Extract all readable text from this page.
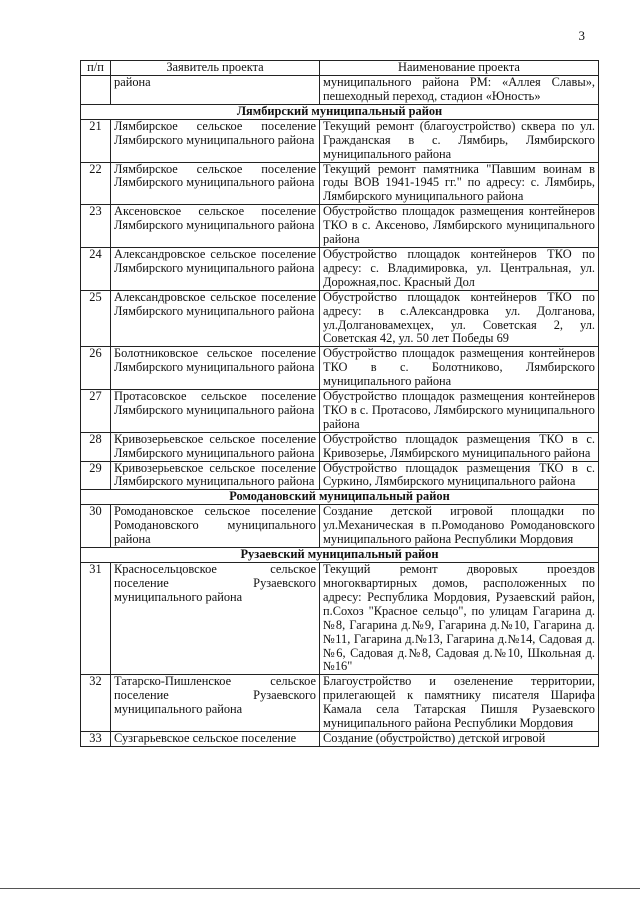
3
п/п	Заявитель проекта	Наименование проекта
	района	муниципального района РМ: «Аллея Славы», пешеходный переход, стадион «Юность»
Лямбирский муниципальный район		
21	Лямбирское сельское поселение Лямбирского муниципального района	Текущий ремонт (благоустройство) сквера по ул. Гражданская в с. Лямбирь, Лямбирского муниципального района
22	Лямбирское сельское поселение Лямбирского муниципального района	Текущий ремонт памятника "Павшим воинам в годы ВОВ 1941-1945 гг." по адресу: с. Лямбирь, Лямбирского муниципального района
23	Аксеновское сельское поселение Лямбирского муниципального района	Обустройство площадок размещения контейнеров ТКО в с. Аксеново, Лямбирского муниципального района
24	Александровское сельское поселение Лямбирского муниципального района	Обустройство площадок контейнеров ТКО по адресу: с. Владимировка, ул. Центральная, ул. Дорожная,пос. Красный Дол
25	Александровское сельское поселение Лямбирского муниципального района	Обустройство площадок контейнеров ТКО по адресу: в с.Александровка ул. Долганова, ул.Долгановамехцех, ул. Советская 2, ул. Советская 42, ул. 50 лет Победы 69
26	Болотниковское сельское поселение Лямбирского муниципального района	Обустройство площадок размещения контейнеров ТКО в с. Болотниково, Лямбирского муниципального района
27	Протасовское сельское поселение Лямбирского муниципального района	Обустройство площадок размещения контейнеров ТКО в с. Протасово, Лямбирского муниципального района
28	Кривозерьевское сельское поселение Лямбирского муниципального района	Обустройство площадок размещения ТКО в с. Кривозерье, Лямбирского муниципального района
29	Кривозерьевское сельское поселение Лямбирского муниципального района	Обустройство площадок размещения ТКО в с. Суркино, Лямбирского муниципального района
Ромодановский муниципальный район		
30	Ромодановское сельское поселение Ромодановского муниципального района	Создание детской игровой площадки по ул.Механическая в п.Ромоданово Ромодановского муниципального района Республики Мордовия
Рузаевский муниципальный район		
31	Красносельцовское сельское поселение Рузаевского муниципального района	Текущий ремонт дворовых проездов многоквартирных домов, расположенных по адресу: Республика Мордовия, Рузаевский район, п.Сохоз "Красное сельцо", по улицам Гагарина д.№8, Гагарина д.№9, Гагарина д.№10, Гагарина д.№11, Гагарина д.№13, Гагарина д.№14, Садовая д.№6, Садовая д.№8, Садовая д.№10, Школьная д.№16"
32	Татарско-Пишленское сельское поселение Рузаевского муниципального района	Благоустройство и озеленение территории, прилегающей к памятнику писателя Шарифа Камала села Татарская Пишля Рузаевского муниципального района Республики Мордовия
33	Сузгарьевское сельское поселение	Создание (обустройство) детской игровой
